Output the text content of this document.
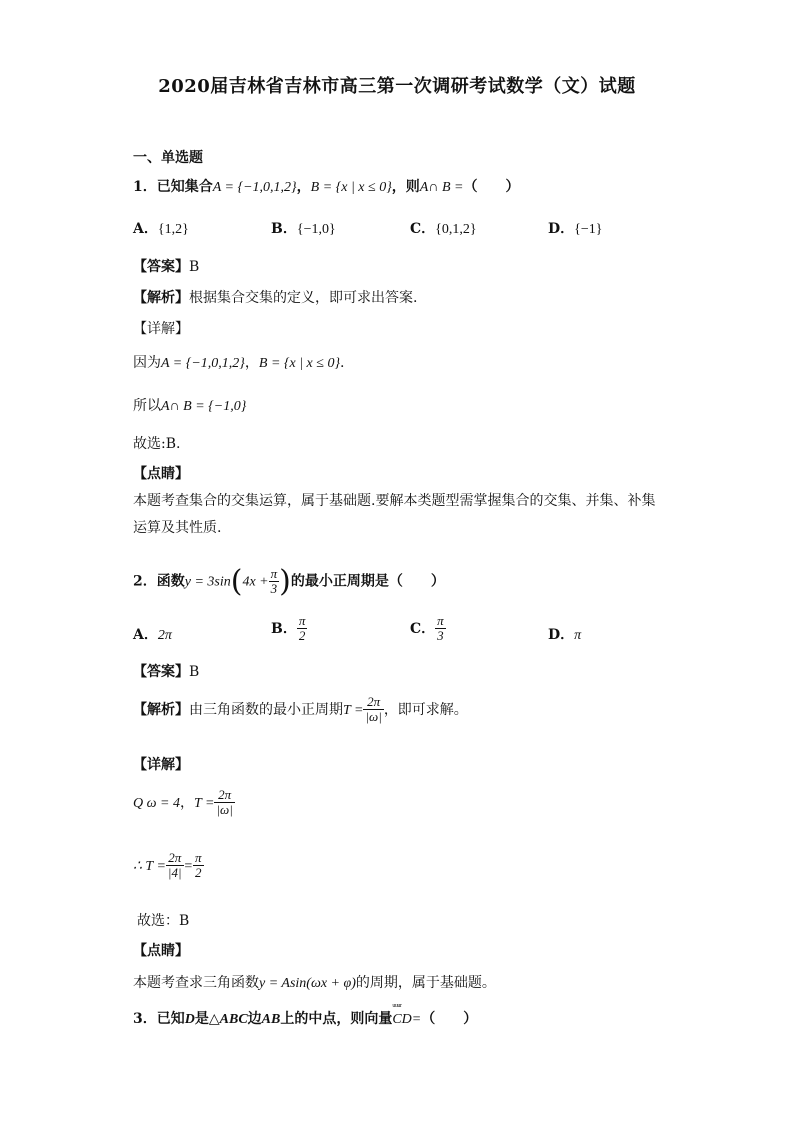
2020届吉林省吉林市高三第一次调研考试数学（文）试题
一、单选题
1．已知集合A = {−1,0,1,2}，B = {x | x ≤ 0}，则A∩ B =（　　）
A．{1,2}	B．{−1,0}	C．{0,1,2}	D．{−1}
【答案】B
【解析】根据集合交集的定义，即可求出答案.
【详解】
因为A = {−1,0,1,2}，B = {x | x ≤ 0}.
所以A∩ B = {−1,0}
故选:B.
【点睛】
本题考查集合的交集运算，属于基础题.要解本类题型需掌握集合的交集、并集、补集运算及其性质.
2．函数$y = 3\sin(4x + \frac{\pi}{3}$ )的最小正周期是（　　）
A．2π	B． $\frac{\pi}{2}$	C． $\frac{\pi}{3}$	D．π
【答案】B
【解析】由三角函数的最小正周期$T = \frac{2\pi}{|\omega|}$ ，即可求解。
【详解】
Q ω = 4，$T = \frac{2\pi}{|\omega|}$
∴ $T = \frac{2\pi}{|4|} = \frac{\pi}{2}$
故选：B
【点睛】
本题考查求三角函数y = Asin(ωx + φ)的周期，属于基础题。
3．已知D是△ABC边AB上的中点，则向量uuur CD=（　　）
